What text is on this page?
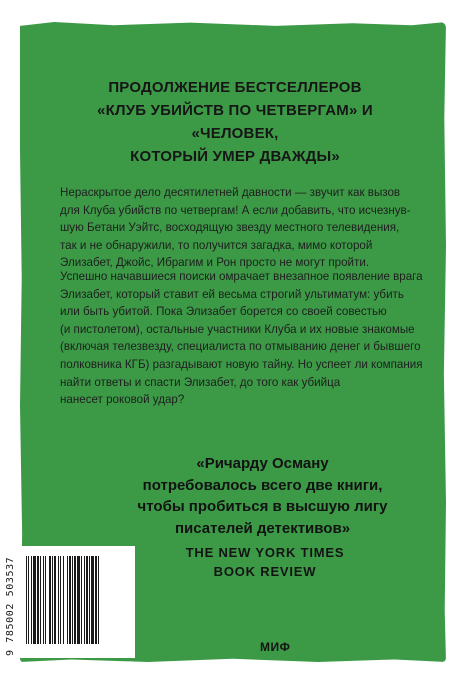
ПРОДОЛЖЕНИЕ БЕСТСЕЛЛЕРОВ
«КЛУБ УБИЙСТВ ПО ЧЕТВЕРГАМ» И «ЧЕЛОВЕК,
КОТОРЫЙ УМЕР ДВАЖДЫ»
Нераскрытое дело десятилетней давности — звучит как вызов
для Клуба убийств по четвергам! А если добавить, что исчезнув-
шую Бетани Уэйтс, восходящую звезду местного телевидения,
так и не обнаружили, то получится загадка, мимо которой
Элизабет, Джойс, Ибрагим и Рон просто не могут пройти.
Успешно начавшиеся поиски омрачает внезапное появление врага
Элизабет, который ставит ей весьма строгий ультиматум: убить
или быть убитой. Пока Элизабет борется со своей совестью
(и пистолетом), остальные участники Клуба и их новые знакомые
(включая телезвезду, специалиста по отмыванию денег и бывшего
полковника КГБ) разгадывают новую тайну. Но успеет ли компания
найти ответы и спасти Элизабет, до того как убийца
нанесет роковой удар?
«Ричарду Осману
потребовалось всего две книги,
чтобы пробиться в высшую лигу
писателей детективов»
THE NEW YORK TIMES
BOOK REVIEW
9 785002 503537	МИФ
